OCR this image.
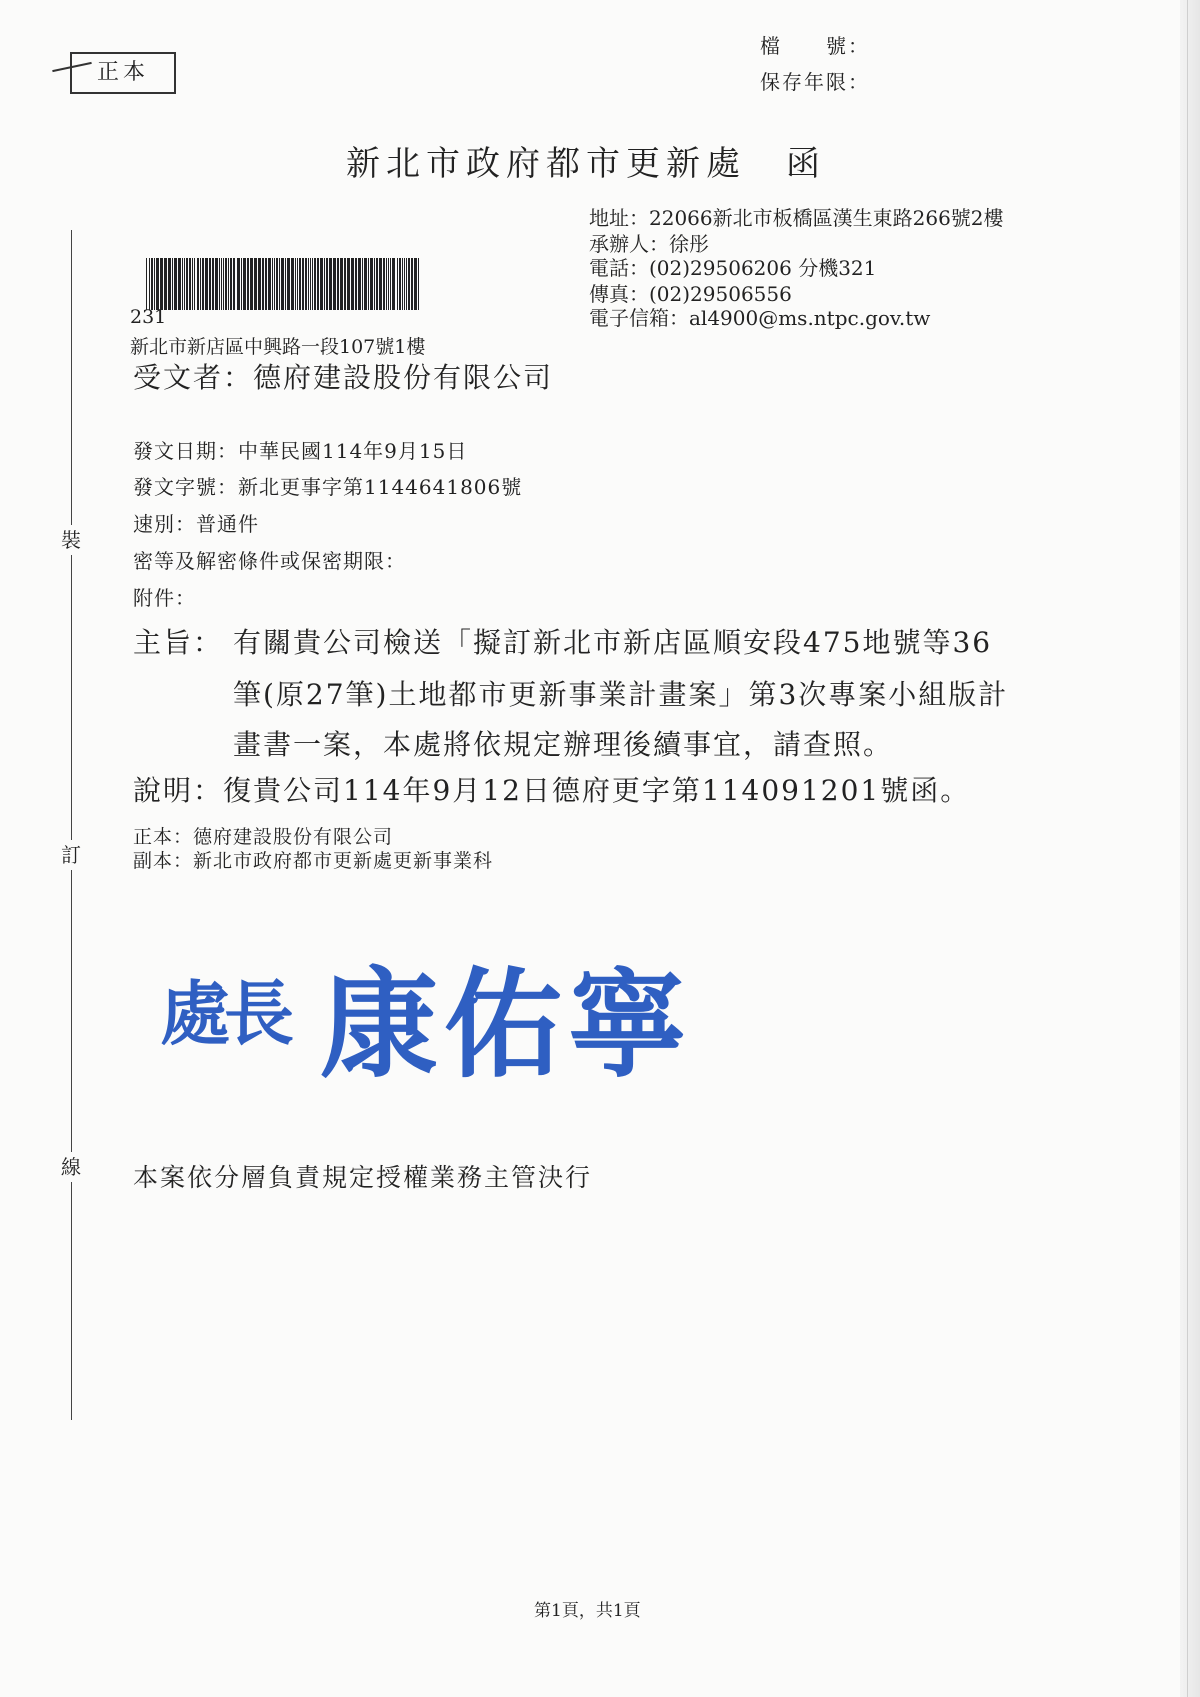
正本
檔　　號：
保存年限：
新北市政府都市更新處　函
地址：22066新北市板橋區漢生東路266號2樓
承辦人：徐彤
電話：(02)29506206 分機321
傳真：(02)29506556
電子信箱：al4900@ms.ntpc.gov.tw
231
新北市新店區中興路一段107號1樓
受文者：德府建設股份有限公司
發文日期：中華民國114年9月15日
發文字號：新北更事字第1144641806號
速別：普通件
密等及解密條件或保密期限：
附件：
主旨： 有關貴公司檢送「擬訂新北市新店區順安段475地號等36
筆(原27筆)土地都市更新事業計畫案」第3次專案小組版計
畫書一案，本處將依規定辦理後續事宜，請查照。
說明：復貴公司114年9月12日德府更字第114091201號函。
正本：德府建設股份有限公司
副本：新北市政府都市更新處更新事業科
處長 康佑寧
本案依分層負責規定授權業務主管決行
裝
訂
線
第1頁，共1頁
